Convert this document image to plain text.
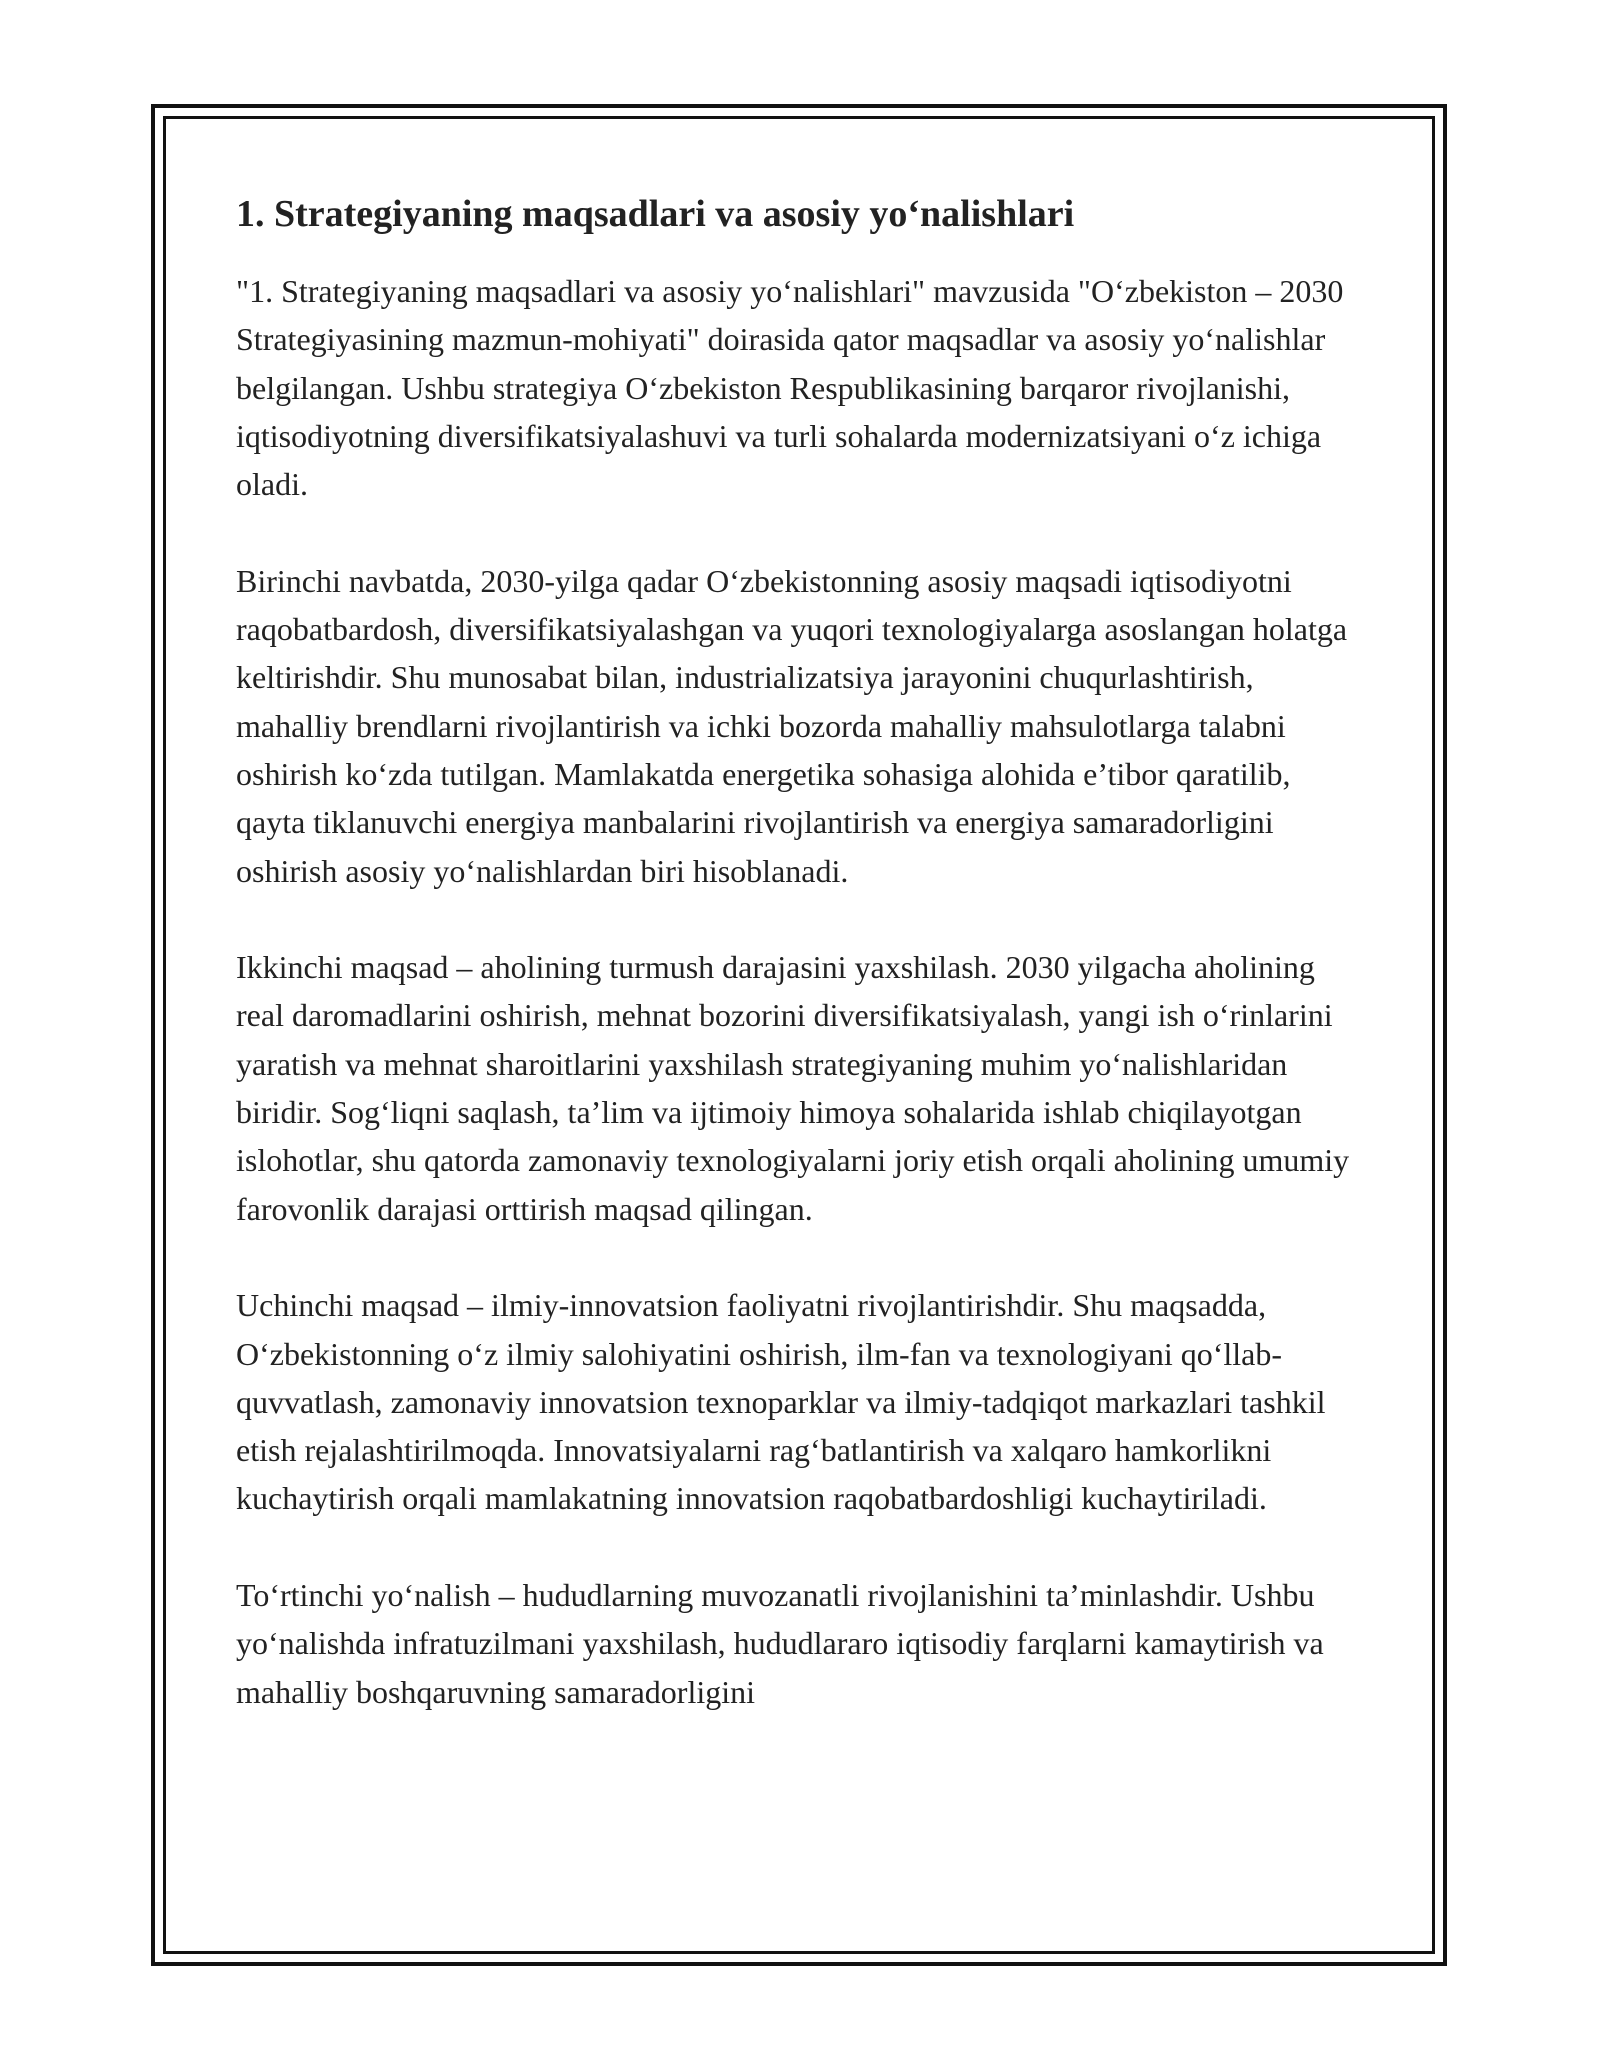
1. Strategiyaning maqsadlari va asosiy yo‘nalishlari

"1. Strategiyaning maqsadlari va asosiy yo‘nalishlari" mavzusida "O‘zbekiston – 2030 Strategiyasining mazmun-mohiyati" doirasida qator maqsadlar va asosiy yo‘nalishlar belgilangan. Ushbu strategiya O‘zbekiston Respublikasining barqaror rivojlanishi, iqtisodiyotning diversifikatsiyalashuvi va turli sohalarda modernizatsiyani o‘z ichiga oladi.

Birinchi navbatda, 2030-yilga qadar O‘zbekistonning asosiy maqsadi iqtisodiyotni raqobatbardosh, diversifikatsiyalashgan va yuqori texnologiyalarga asoslangan holatga keltirishdir. Shu munosabat bilan, industrializatsiya jarayonini chuqurlashtirish, mahalliy brendlarni rivojlantirish va ichki bozorda mahalliy mahsulotlarga talabni oshirish ko‘zda tutilgan. Mamlakatda energetika sohasiga alohida e’tibor qaratilib, qayta tiklanuvchi energiya manbalarini rivojlantirish va energiya samaradorligini oshirish asosiy yo‘nalishlardan biri hisoblanadi.

Ikkinchi maqsad – aholining turmush darajasini yaxshilash. 2030 yilgacha aholining real daromadlarini oshirish, mehnat bozorini diversifikatsiyalash, yangi ish o‘rinlarini yaratish va mehnat sharoitlarini yaxshilash strategiyaning muhim yo‘nalishlaridan biridir. Sog‘liqni saqlash, ta’lim va ijtimoiy himoya sohalarida ishlab chiqilayotgan islohotlar, shu qatorda zamonaviy texnologiyalarni joriy etish orqali aholining umumiy farovonlik darajasi orttirish maqsad qilingan.

Uchinchi maqsad – ilmiy-innovatsion faoliyatni rivojlantirishdir. Shu maqsadda, O‘zbekistonning o‘z ilmiy salohiyatini oshirish, ilm-fan va texnologiyani qo‘llab-quvvatlash, zamonaviy innovatsion texnoparklar va ilmiy-tadqiqot markazlari tashkil etish rejalashtirilmoqda. Innovatsiyalarni rag‘batlantirish va xalqaro hamkorlikni kuchaytirish orqali mamlakatning innovatsion raqobatbardoshligi kuchaytiriladi.

To‘rtinchi yo‘nalish – hududlarning muvozanatli rivojlanishini ta’minlashdir. Ushbu yo‘nalishda infratuzilmani yaxshilash, hududlararo iqtisodiy farqlarni kamaytirish va mahalliy boshqaruvning samaradorligini
